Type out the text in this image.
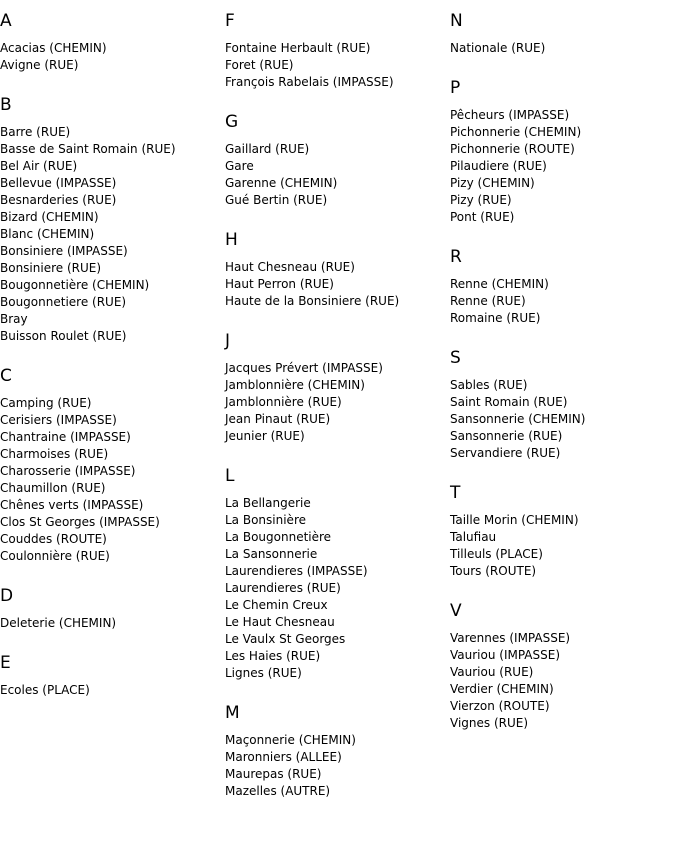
A
Acacias (CHEMIN)
Avigne (RUE)
B
Barre (RUE)
Basse de Saint Romain (RUE)
Bel Air (RUE)
Bellevue (IMPASSE)
Besnarderies (RUE)
Bizard (CHEMIN)
Blanc (CHEMIN)
Bonsiniere (IMPASSE)
Bonsiniere (RUE)
Bougonnetière (CHEMIN)
Bougonnetiere (RUE)
Bray
Buisson Roulet (RUE)
C
Camping (RUE)
Cerisiers (IMPASSE)
Chantraine (IMPASSE)
Charmoises (RUE)
Charosserie (IMPASSE)
Chaumillon (RUE)
Chênes verts (IMPASSE)
Clos St Georges (IMPASSE)
Couddes (ROUTE)
Coulonnière (RUE)
D
Deleterie (CHEMIN)
E
Ecoles (PLACE)
F
Fontaine Herbault (RUE)
Foret (RUE)
François Rabelais (IMPASSE)
G
Gaillard (RUE)
Gare
Garenne (CHEMIN)
Gué Bertin (RUE)
H
Haut Chesneau (RUE)
Haut Perron (RUE)
Haute de la Bonsiniere (RUE)
J
Jacques Prévert (IMPASSE)
Jamblonnière (CHEMIN)
Jamblonnière (RUE)
Jean Pinaut (RUE)
Jeunier (RUE)
L
La Bellangerie
La Bonsinière
La Bougonnetière
La Sansonnerie
Laurendieres (IMPASSE)
Laurendieres (RUE)
Le Chemin Creux
Le Haut Chesneau
Le Vaulx St Georges
Les Haies (RUE)
Lignes (RUE)
M
Maçonnerie (CHEMIN)
Maronniers (ALLEE)
Maurepas (RUE)
Mazelles (AUTRE)
N
Nationale (RUE)
P
Pêcheurs (IMPASSE)
Pichonnerie (CHEMIN)
Pichonnerie (ROUTE)
Pilaudiere (RUE)
Pizy (CHEMIN)
Pizy (RUE)
Pont (RUE)
R
Renne (CHEMIN)
Renne (RUE)
Romaine (RUE)
S
Sables (RUE)
Saint Romain (RUE)
Sansonnerie (CHEMIN)
Sansonnerie (RUE)
Servandiere (RUE)
T
Taille Morin (CHEMIN)
Talufiau
Tilleuls (PLACE)
Tours (ROUTE)
V
Varennes (IMPASSE)
Vauriou (IMPASSE)
Vauriou (RUE)
Verdier (CHEMIN)
Vierzon (ROUTE)
Vignes (RUE)
